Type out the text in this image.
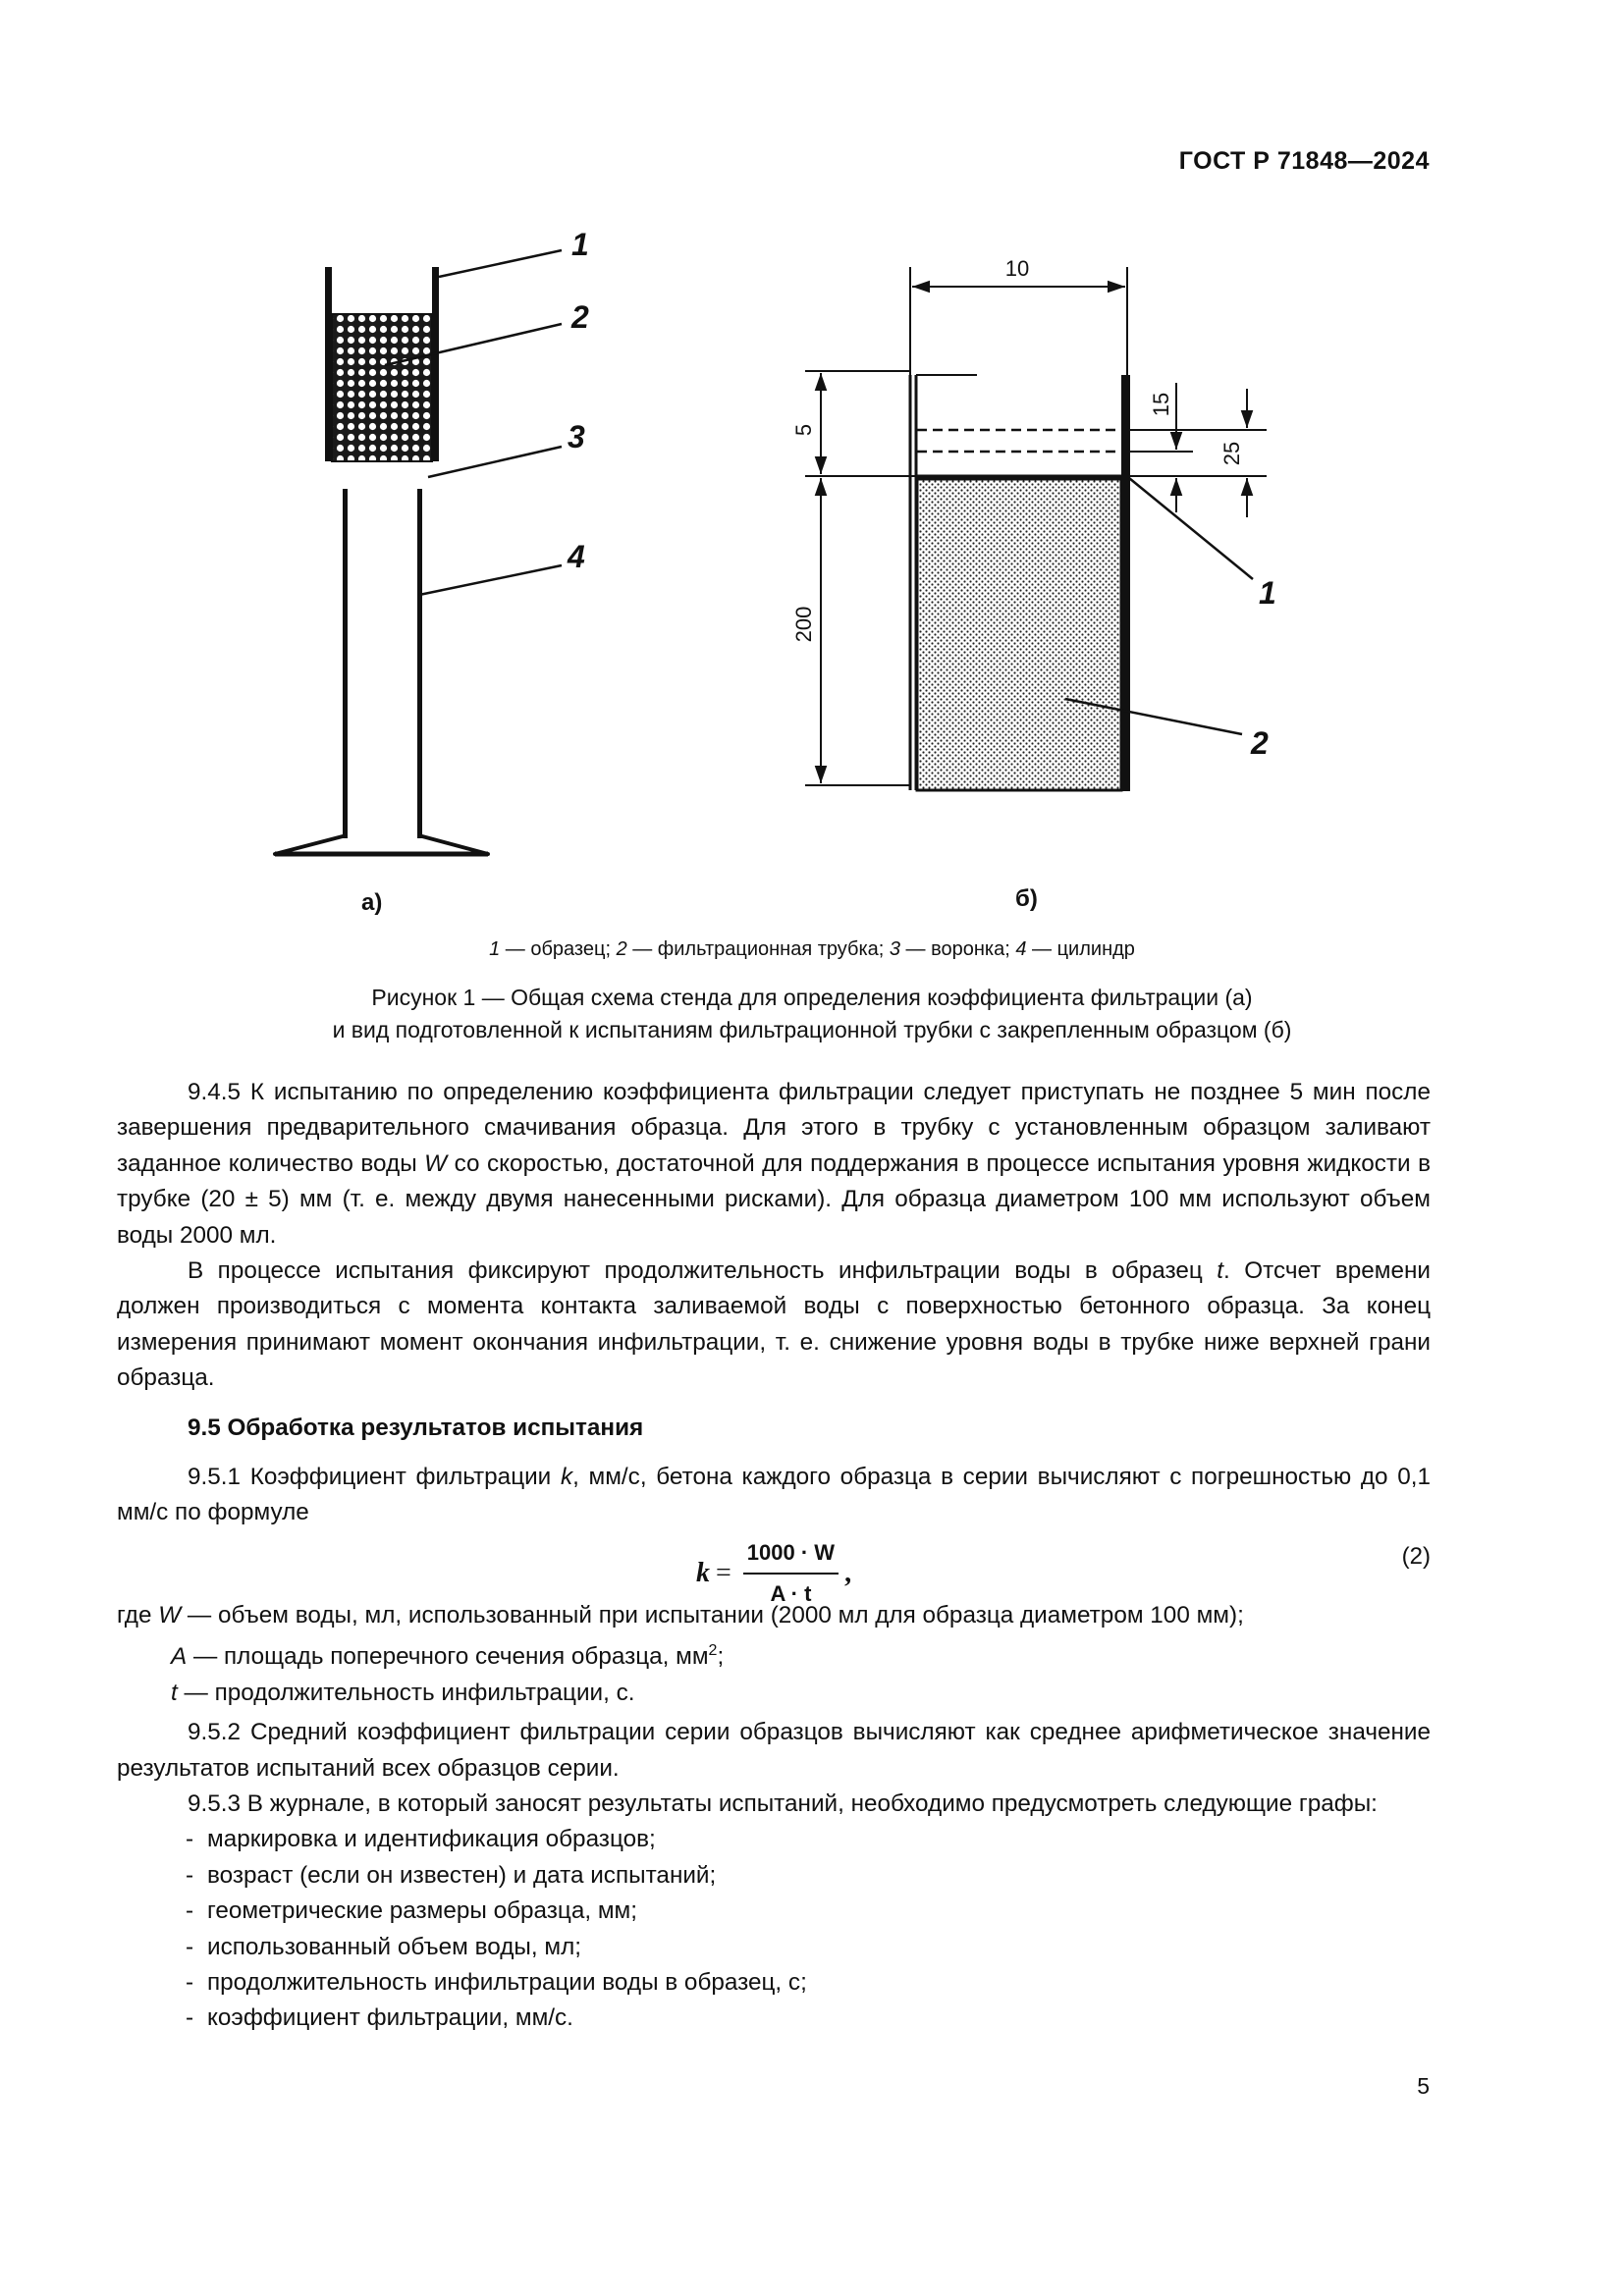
ГОСТ Р 71848—2024
1
2
3
4
10
5
200
15
25
1
2
а)	б)
1 — образец; 2 — фильтрационная трубка; 3 — воронка; 4 — цилиндр
Рисунок 1 — Общая схема стенда для определения коэффициента фильтрации (а)
и вид подготовленной к испытаниям фильтрационной трубки с закрепленным образцом (б)

9.4.5 К испытанию по определению коэффициента фильтрации следует приступать не позднее 5 мин после завершения предварительного смачивания образца. Для этого в трубку с установленным образцом заливают заданное количество воды W со скоростью, достаточной для поддержания в процессе испытания уровня жидкости в трубке (20 ± 5) мм (т. е. между двумя нанесенными рисками). Для образца диаметром 100 мм используют объем воды 2000 мл.

В процессе испытания фиксируют продолжительность инфильтрации воды в образец t. Отсчет времени должен производиться с момента контакта заливаемой воды с поверхностью бетонного образца. За конец измерения принимают момент окончания инфильтрации, т. е. снижение уровня воды в трубке ниже верхней грани образца.

9.5 Обработка результатов испытания

9.5.1 Коэффициент фильтрации k, мм/с, бетона каждого образца в серии вычисляют с погрешностью до 0,1 мм/с по формуле

$k = \frac{1000 \cdot W}{A \cdot t}$ ,
(2)
где W — объем воды, мл, использованный при испытании (2000 мл для образца диаметром 100 мм);
A — площадь поперечного сечения образца, $мм^2$;
t — продолжительность инфильтрации, с.

9.5.2 Средний коэффициент фильтрации серии образцов вычисляют как среднее арифметическое значение результатов испытаний всех образцов серии.

9.5.3 В журнале, в который заносят результаты испытаний, необходимо предусмотреть следующие графы:

- маркировка и идентификация образцов;
- возраст (если он известен) и дата испытаний;
- геометрические размеры образца, мм;
- использованный объем воды, мл;
- продолжительность инфильтрации воды в образец, с;
- коэффициент фильтрации, мм/с.
5
